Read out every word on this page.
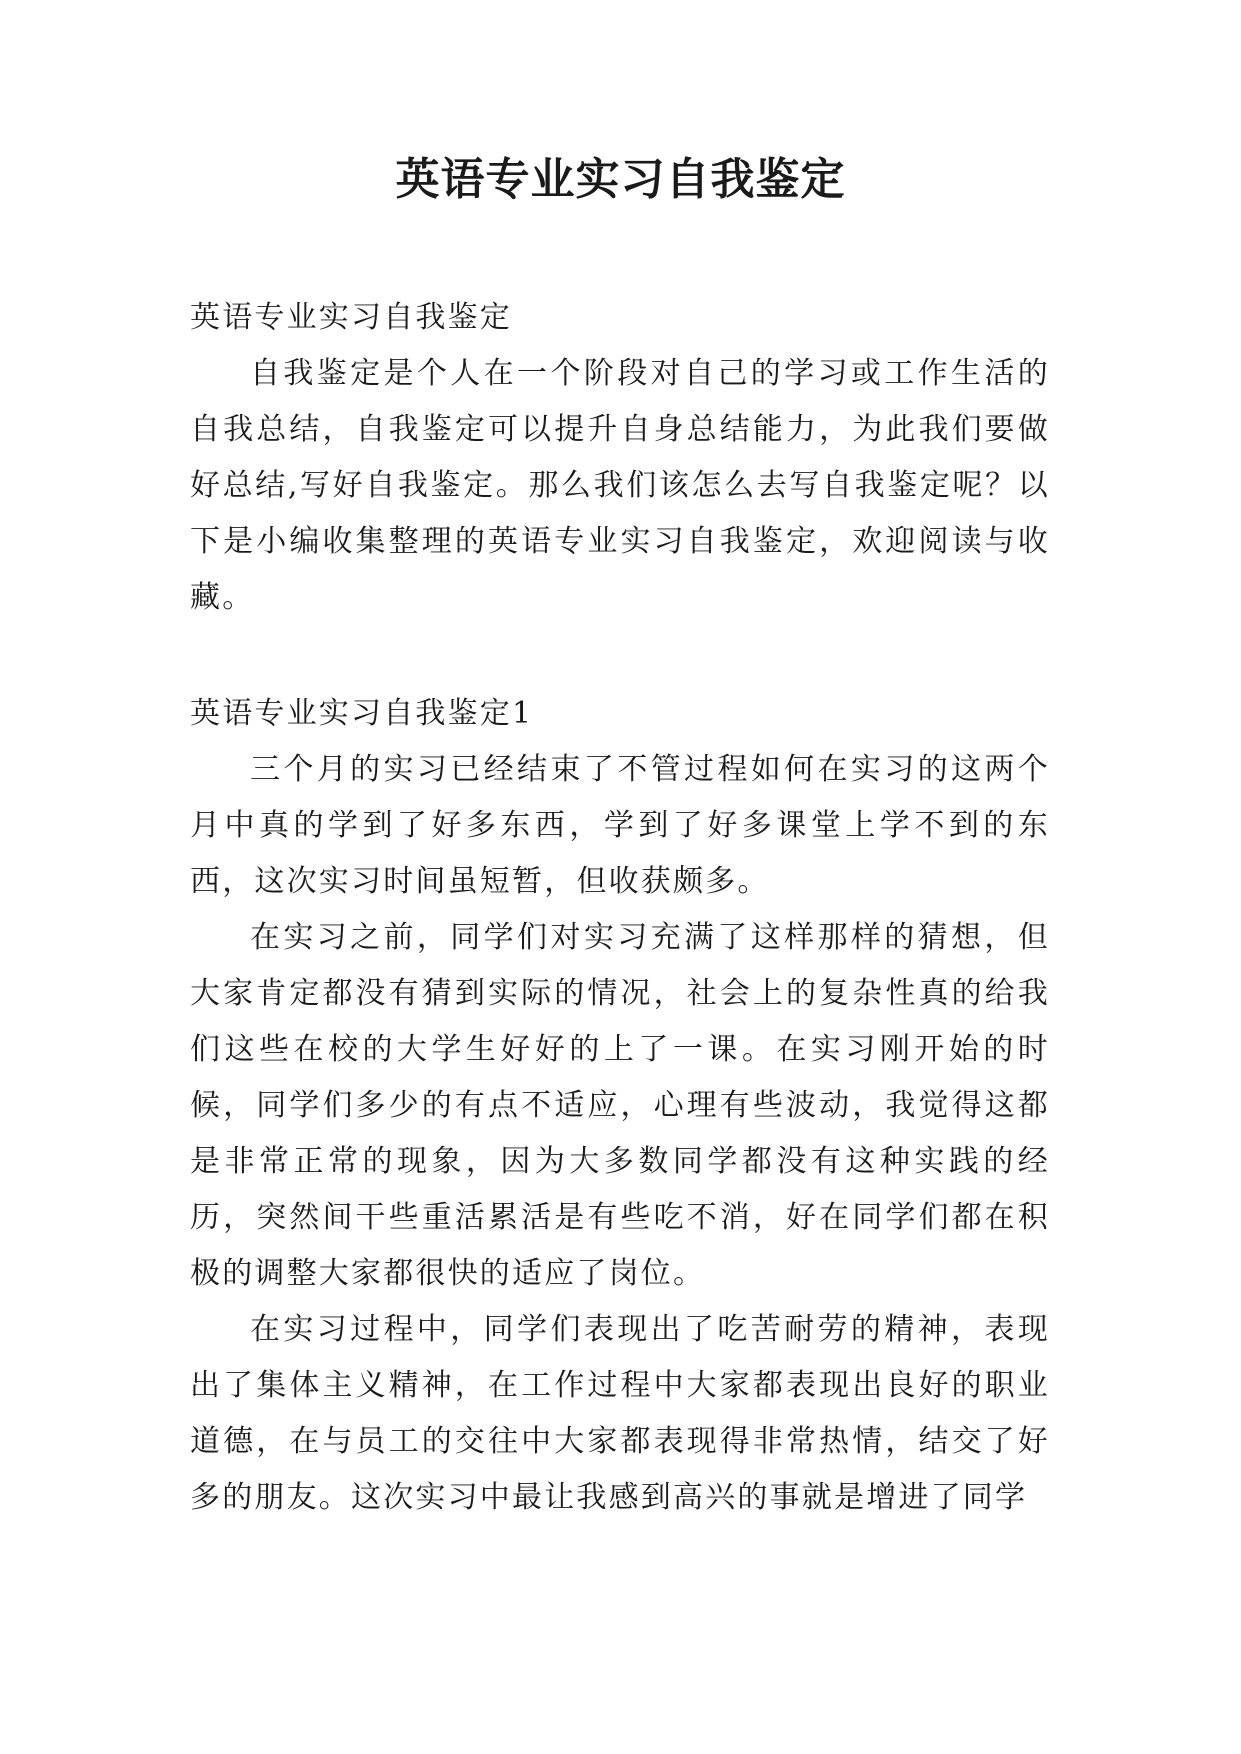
英语专业实习自我鉴定

英语专业实习自我鉴定

自我鉴定是个人在一个阶段对自己的学习或工作生活的自我总结，自我鉴定可以提升自身总结能力，为此我们要做好总结,写好自我鉴定。那么我们该怎么去写自我鉴定呢？以下是小编收集整理的英语专业实习自我鉴定，欢迎阅读与收藏。

英语专业实习自我鉴定1

三个月的实习已经结束了不管过程如何在实习的这两个月中真的学到了好多东西，学到了好多课堂上学不到的东西，这次实习时间虽短暂，但收获颇多。

在实习之前，同学们对实习充满了这样那样的猜想，但大家肯定都没有猜到实际的情况，社会上的复杂性真的给我们这些在校的大学生好好的上了一课。在实习刚开始的时候，同学们多少的有点不适应，心理有些波动，我觉得这都是非常正常的现象，因为大多数同学都没有这种实践的经历，突然间干些重活累活是有些吃不消，好在同学们都在积极的调整大家都很快的适应了岗位。

在实习过程中，同学们表现出了吃苦耐劳的精神，表现出了集体主义精神，在工作过程中大家都表现出良好的职业道德，在与员工的交往中大家都表现得非常热情，结交了好多的朋友。这次实习中最让我感到高兴的事就是增进了同学
